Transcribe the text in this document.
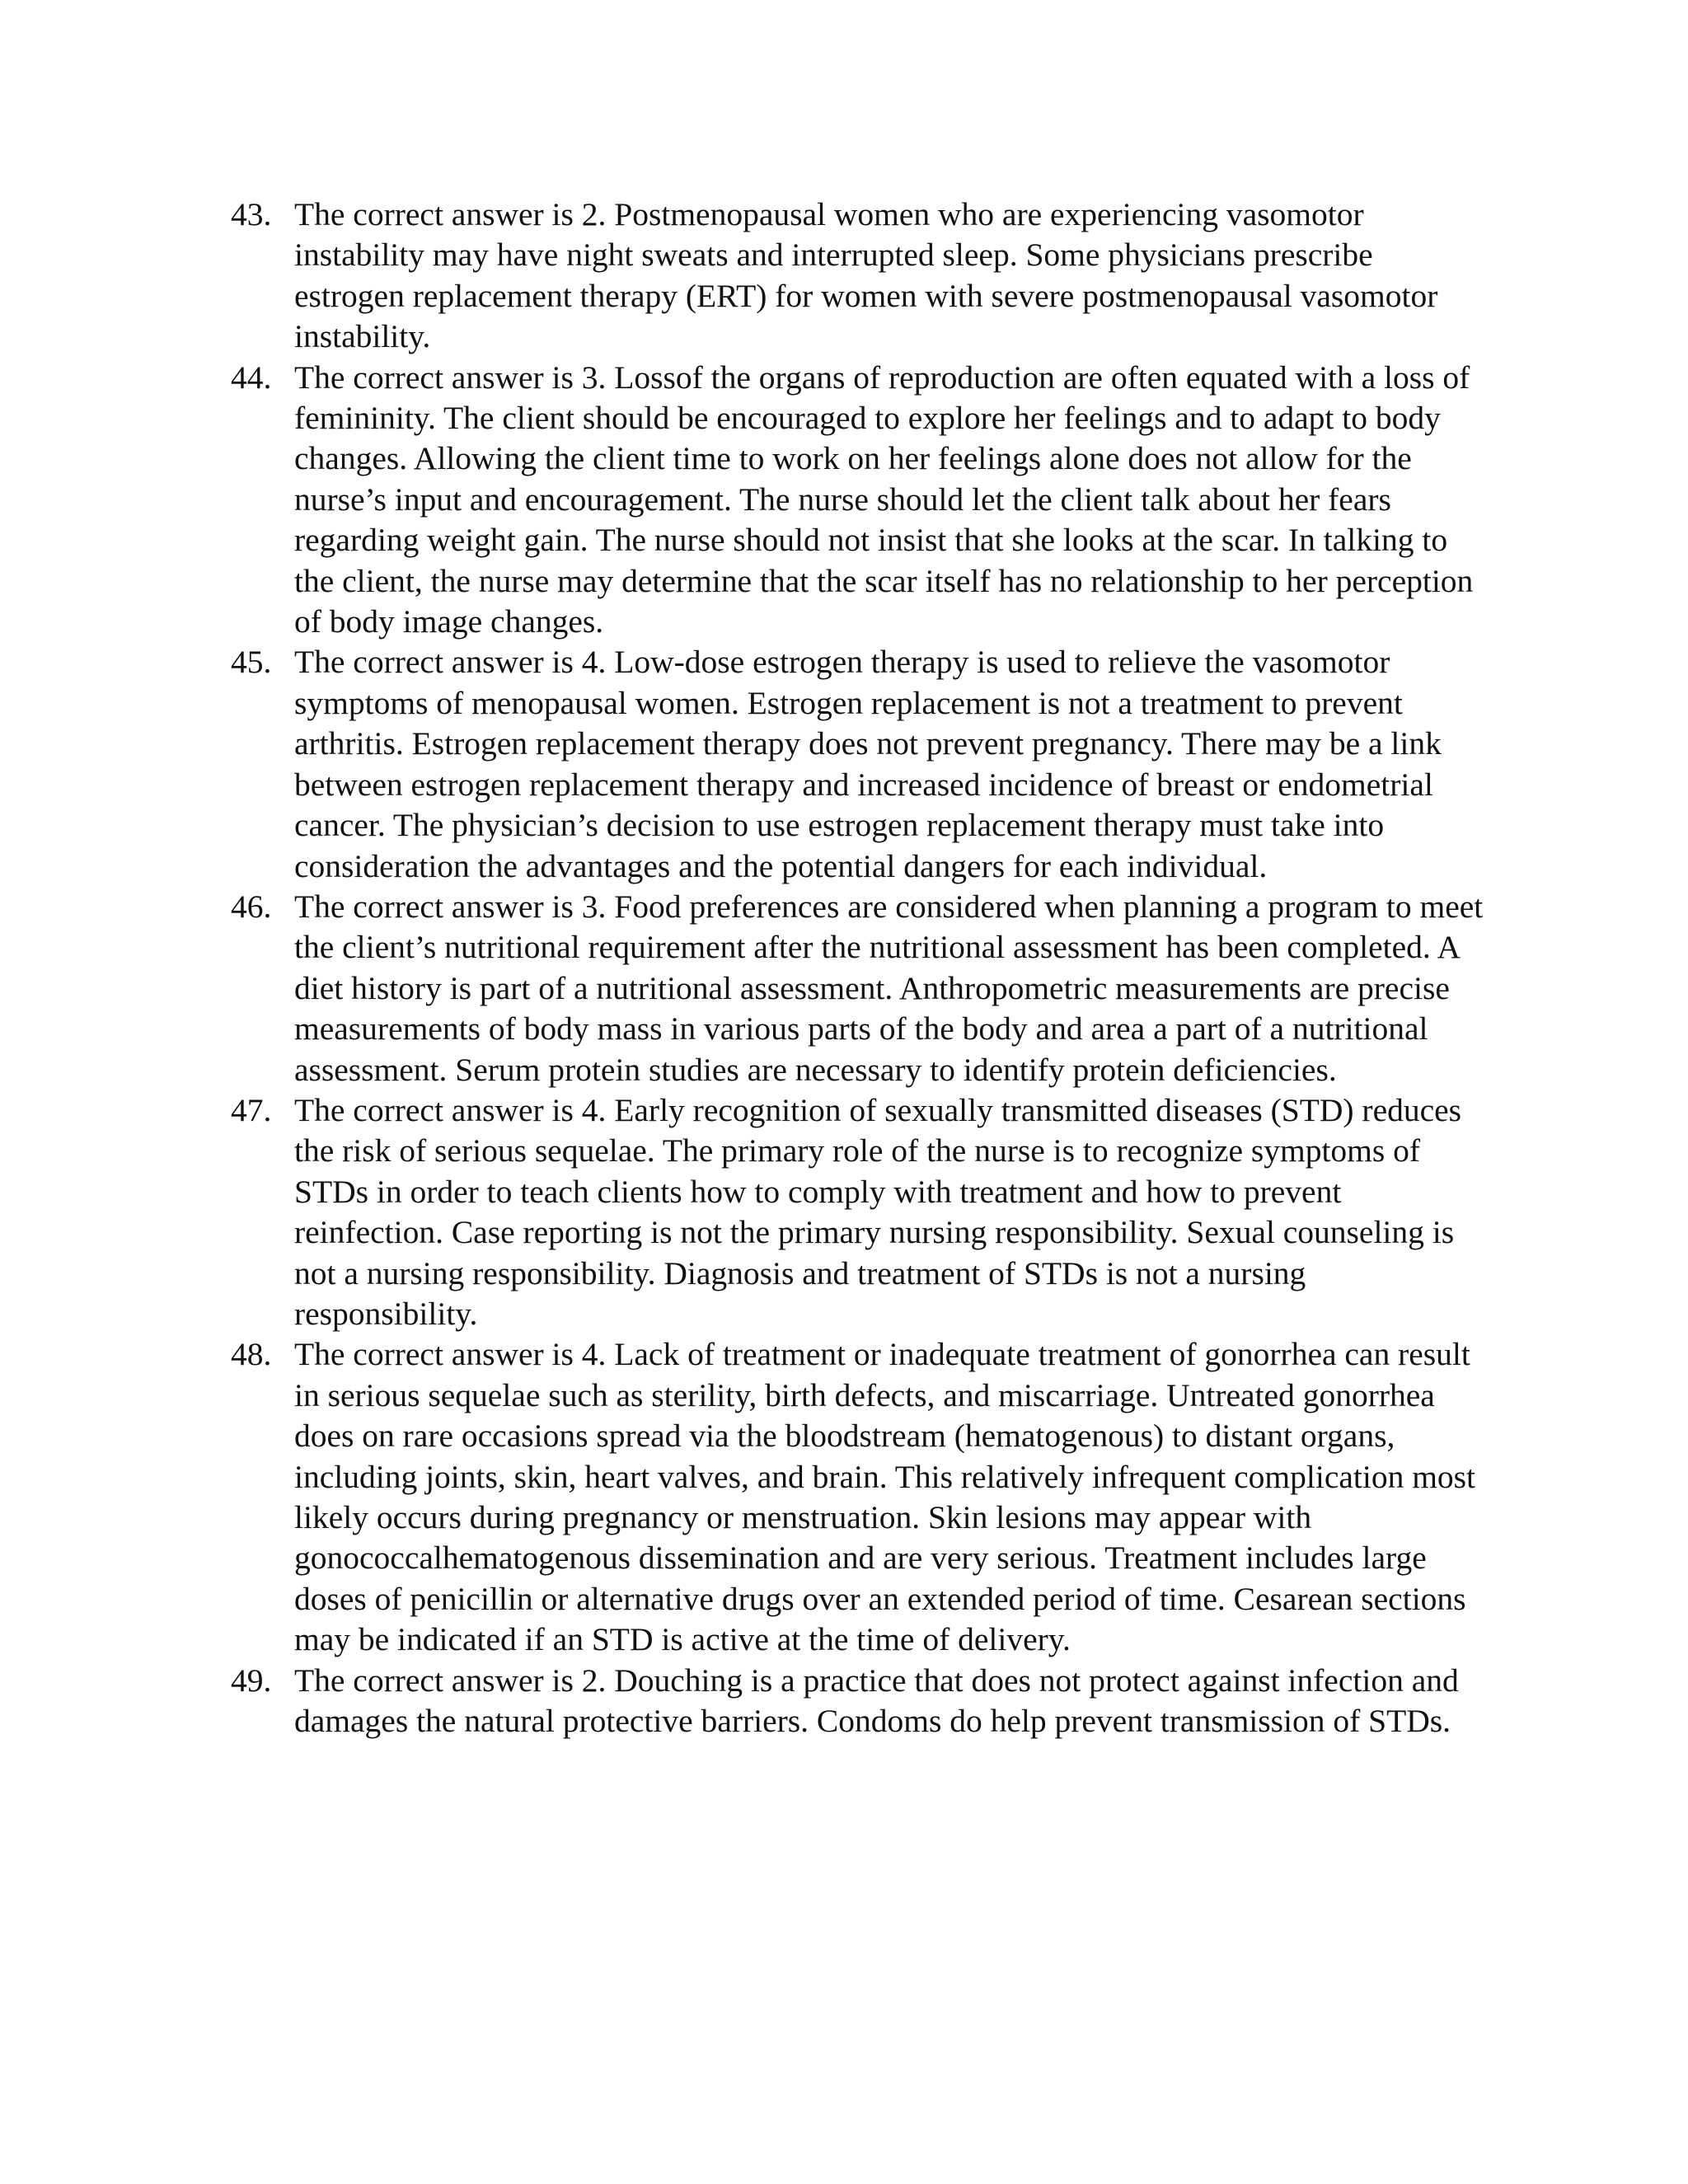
43. The correct answer is 2. Postmenopausal women who are experiencing vasomotor instability may have night sweats and interrupted sleep. Some physicians prescribe estrogen replacement therapy (ERT) for women with severe postmenopausal vasomotor instability.
44. The correct answer is 3. Lossof the organs of reproduction are often equated with a loss of femininity. The client should be encouraged to explore her feelings and to adapt to body changes. Allowing the client time to work on her feelings alone does not allow for the nurse’s input and encouragement. The nurse should let the client talk about her fears regarding weight gain. The nurse should not insist that she looks at the scar. In talking to the client, the nurse may determine that the scar itself has no relationship to her perception of body image changes.
45. The correct answer is 4. Low-dose estrogen therapy is used to relieve the vasomotor symptoms of menopausal women. Estrogen replacement is not a treatment to prevent arthritis. Estrogen replacement therapy does not prevent pregnancy. There may be a link between estrogen replacement therapy and increased incidence of breast or endometrial cancer. The physician’s decision to use estrogen replacement therapy must take into consideration the advantages and the potential dangers for each individual.
46. The correct answer is 3. Food preferences are considered when planning a program to meet the client’s nutritional requirement after the nutritional assessment has been completed. A diet history is part of a nutritional assessment. Anthropometric measurements are precise measurements of body mass in various parts of the body and area a part of a nutritional assessment. Serum protein studies are necessary to identify protein deficiencies.
47. The correct answer is 4. Early recognition of sexually transmitted diseases (STD) reduces the risk of serious sequelae. The primary role of the nurse is to recognize symptoms of STDs in order to teach clients how to comply with treatment and how to prevent reinfection. Case reporting is not the primary nursing responsibility. Sexual counseling is not a nursing responsibility. Diagnosis and treatment of STDs is not a nursing responsibility.
48. The correct answer is 4. Lack of treatment or inadequate treatment of gonorrhea can result in serious sequelae such as sterility, birth defects, and miscarriage. Untreated gonorrhea does on rare occasions spread via the bloodstream (hematogenous) to distant organs, including joints, skin, heart valves, and brain. This relatively infrequent complication most likely occurs during pregnancy or menstruation. Skin lesions may appear with gonococcalhematogenous dissemination and are very serious. Treatment includes large doses of penicillin or alternative drugs over an extended period of time. Cesarean sections may be indicated if an STD is active at the time of delivery.
49. The correct answer is 2. Douching is a practice that does not protect against infection and damages the natural protective barriers. Condoms do help prevent transmission of STDs.
